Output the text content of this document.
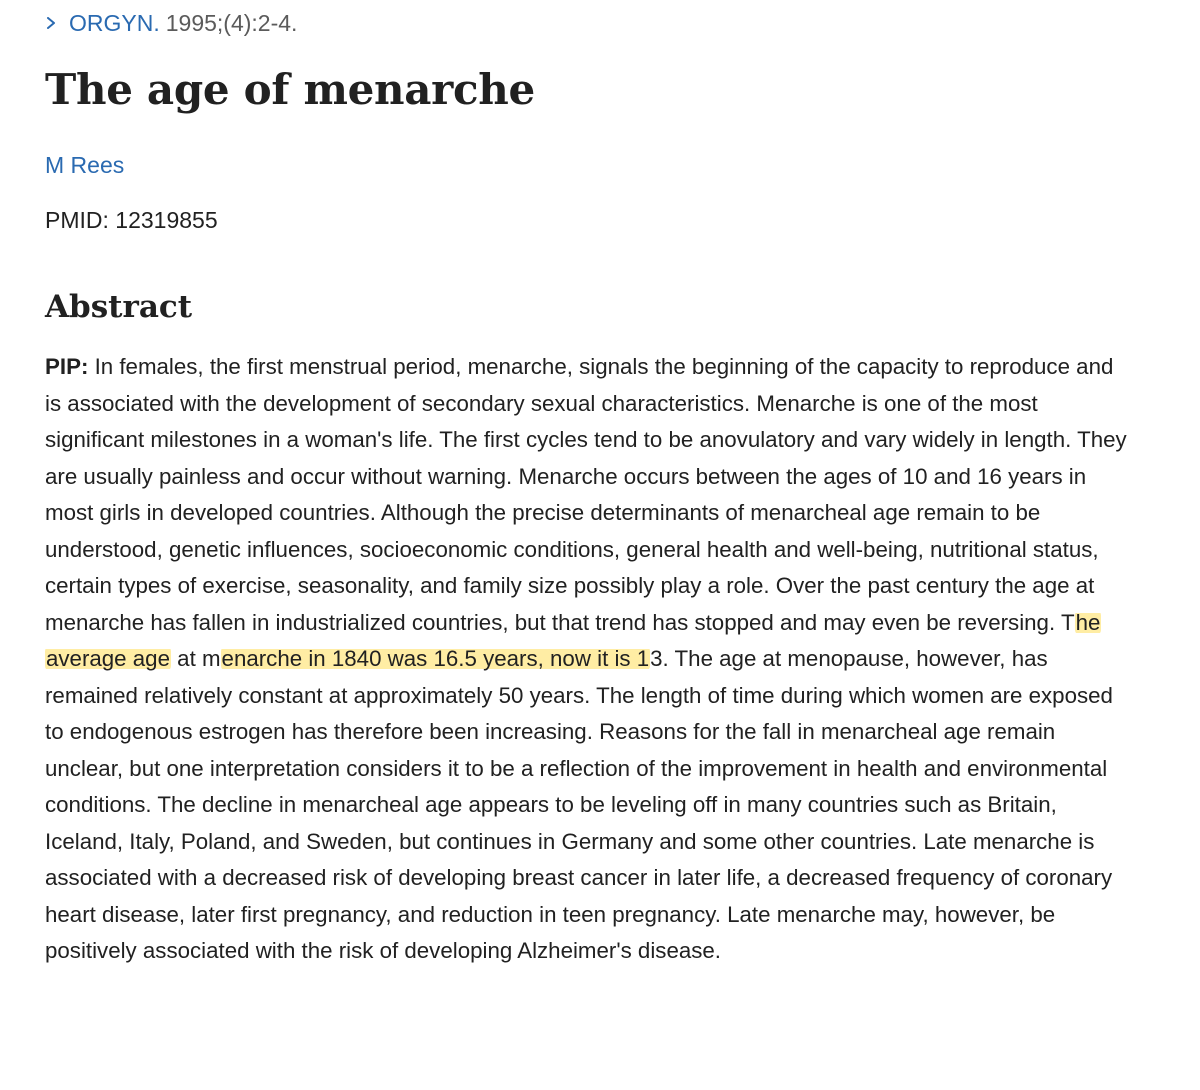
ORGYN. 1995;(4):2-4.
The age of menarche
M Rees
PMID: 12319855
Abstract

PIP: In females, the first menstrual period, menarche, signals the beginning of the capacity to reproduce and is associated with the development of secondary sexual characteristics. Menarche is one of the most significant milestones in a woman's life. The first cycles tend to be anovulatory and vary widely in length. They are usually painless and occur without warning. Menarche occurs between the ages of 10 and 16 years in most girls in developed countries. Although the precise determinants of menarcheal age remain to be understood, genetic influences, socioeconomic conditions, general health and well-being, nutritional status, certain types of exercise, seasonality, and family size possibly play a role. Over the past century the age at menarche has fallen in industrialized countries, but that trend has stopped and may even be reversing. The average age at menarche in 1840 was 16.5 years, now it is 13. The age at menopause, however, has remained relatively constant at approximately 50 years. The length of time during which women are exposed to endogenous estrogen has therefore been increasing. Reasons for the fall in menarcheal age remain unclear, but one interpretation considers it to be a reflection of the improvement in health and environmental conditions. The decline in menarcheal age appears to be leveling off in many countries such as Britain, Iceland, Italy, Poland, and Sweden, but continues in Germany and some other countries. Late menarche is associated with a decreased risk of developing breast cancer in later life, a decreased frequency of coronary heart disease, later first pregnancy, and reduction in teen pregnancy. Late menarche may, however, be positively associated with the risk of developing Alzheimer's disease.
